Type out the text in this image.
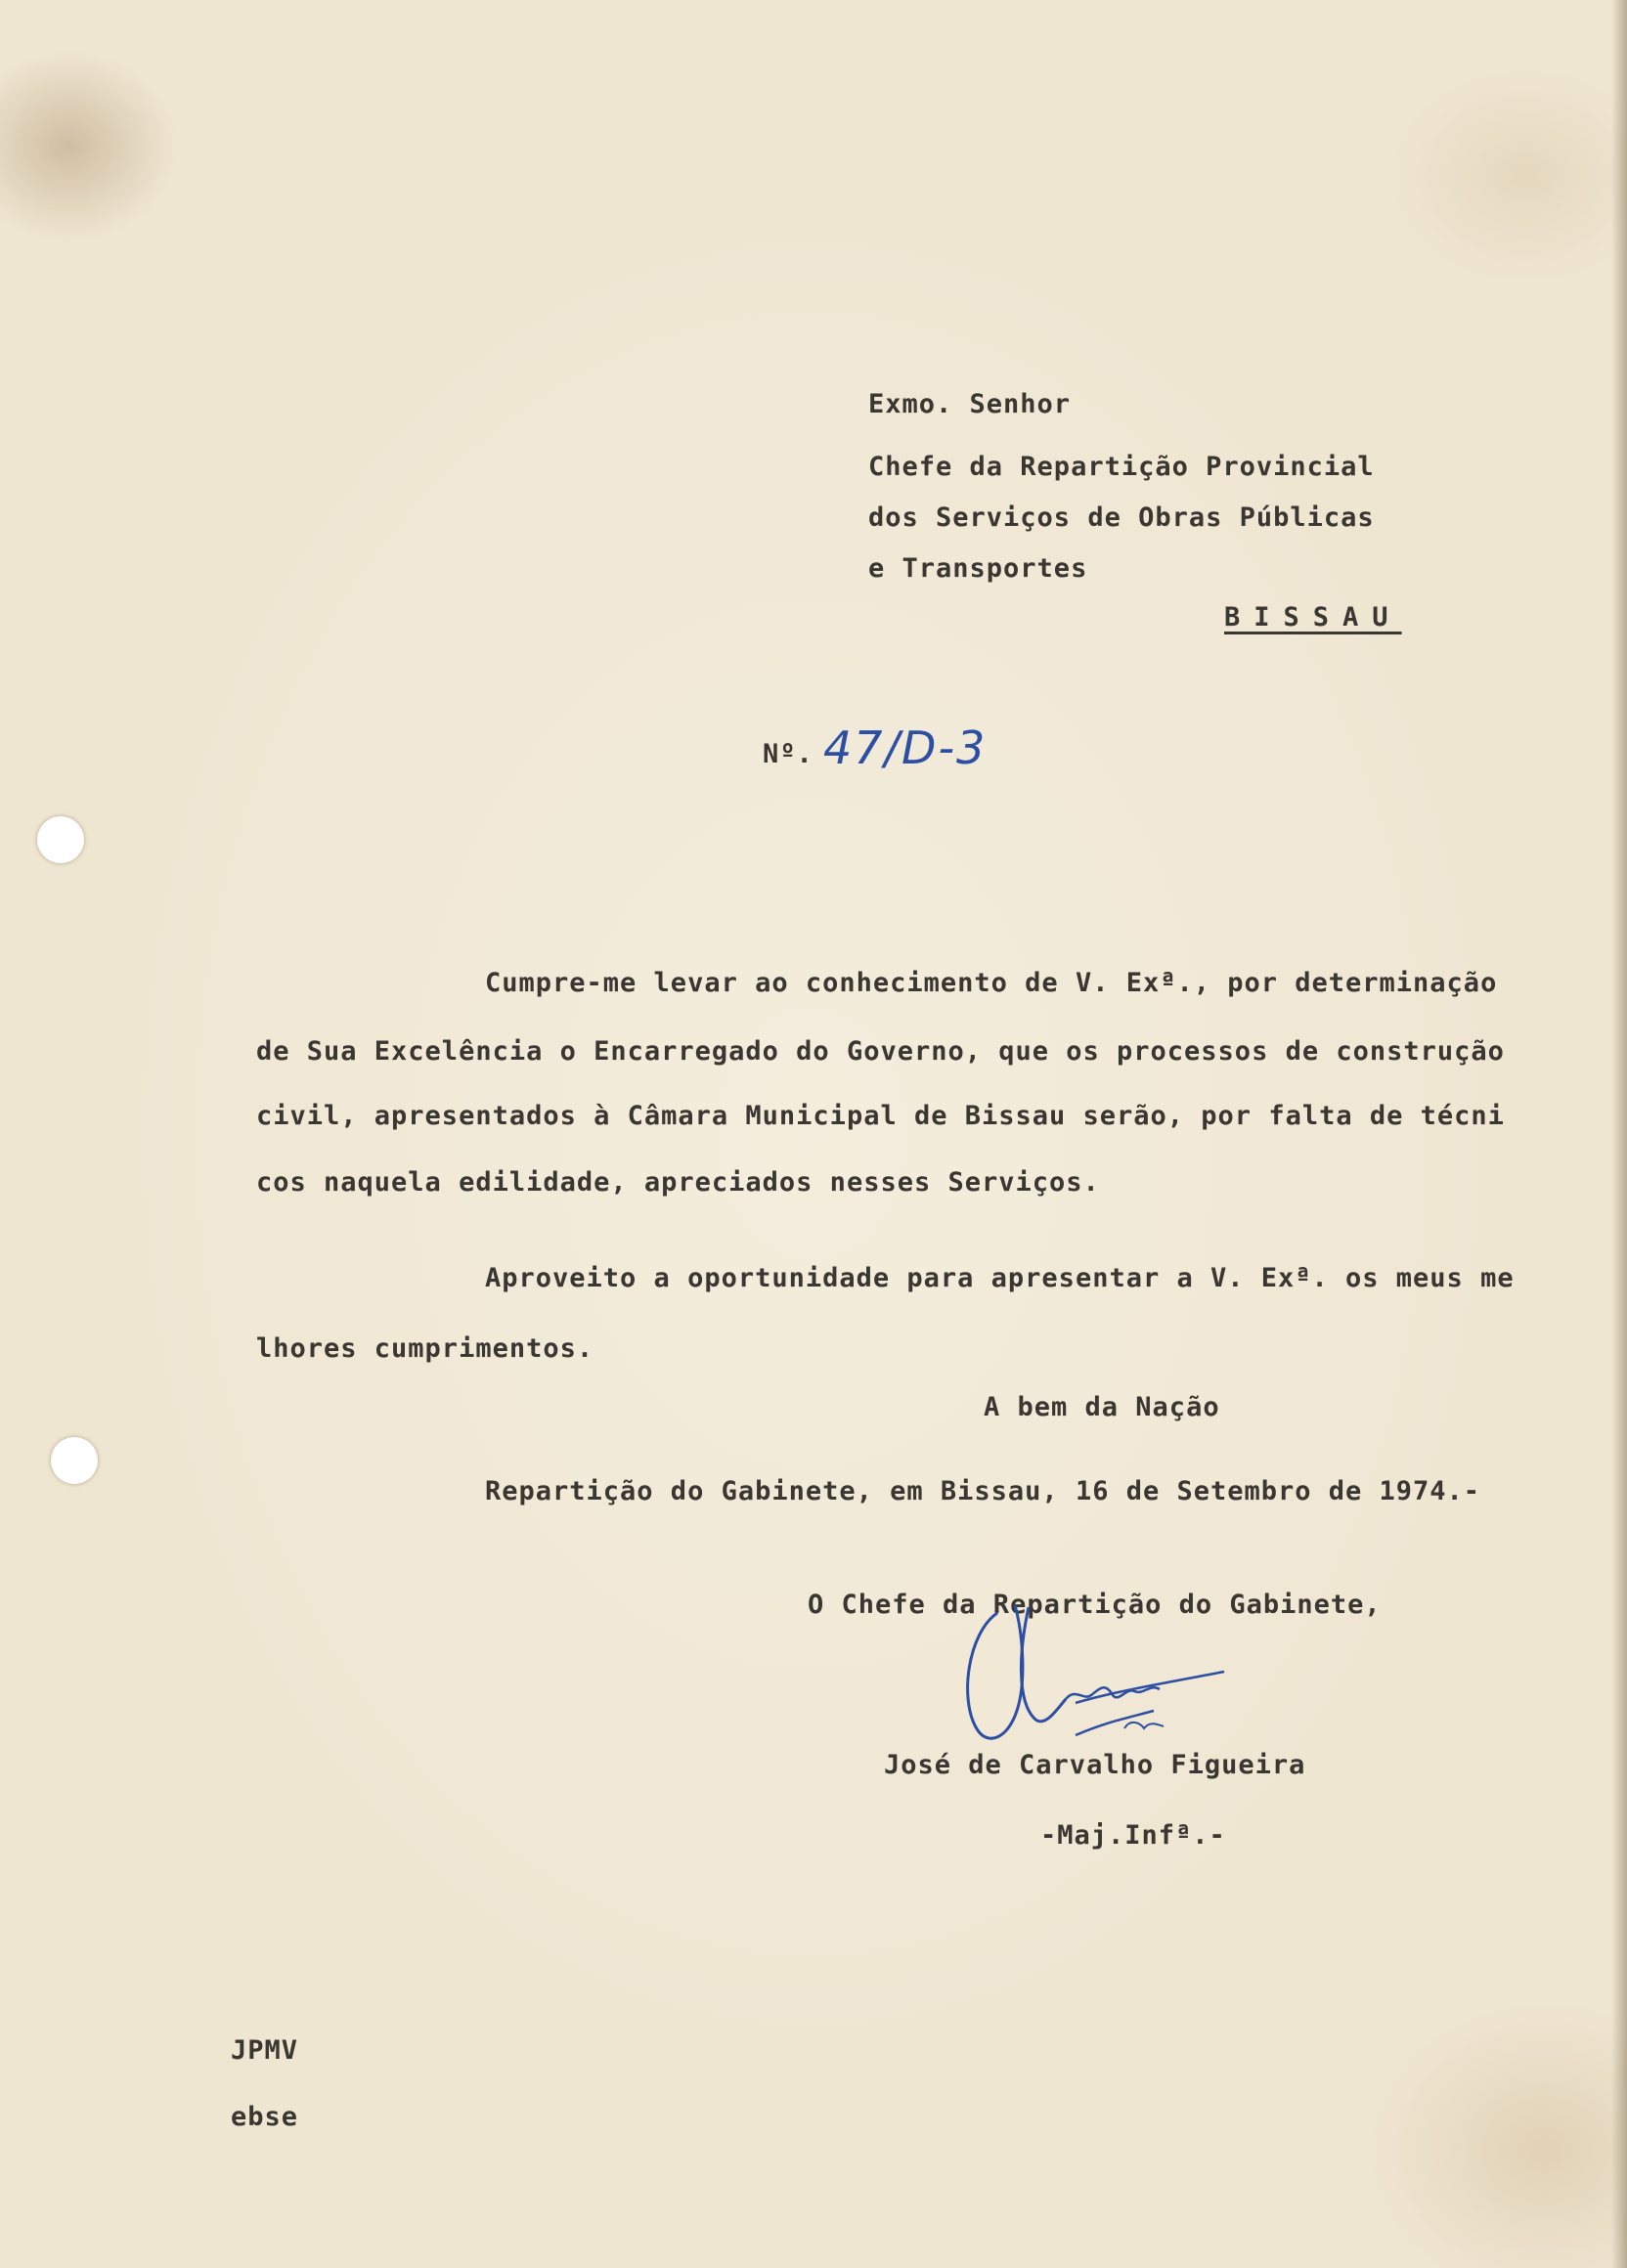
Exmo. Senhor
Chefe da Repartição Provincial
dos Serviços de Obras Públicas
e Transportes
BISSAU
Nº. 47/D-3
Cumpre-me levar ao conhecimento de V. Exª., por determinação
de Sua Excelência o Encarregado do Governo, que os processos de construção
civil, apresentados à Câmara Municipal de Bissau serão, por falta de técni
cos naquela edilidade, apreciados nesses Serviços.
Aproveito a oportunidade para apresentar a V. Exª. os meus me
lhores cumprimentos.
A bem da Nação
Repartição do Gabinete, em Bissau, 16 de Setembro de 1974.-
O Chefe da Repartição do Gabinete,
José de Carvalho Figueira
-Maj.Infª.-
JPMV
ebse
